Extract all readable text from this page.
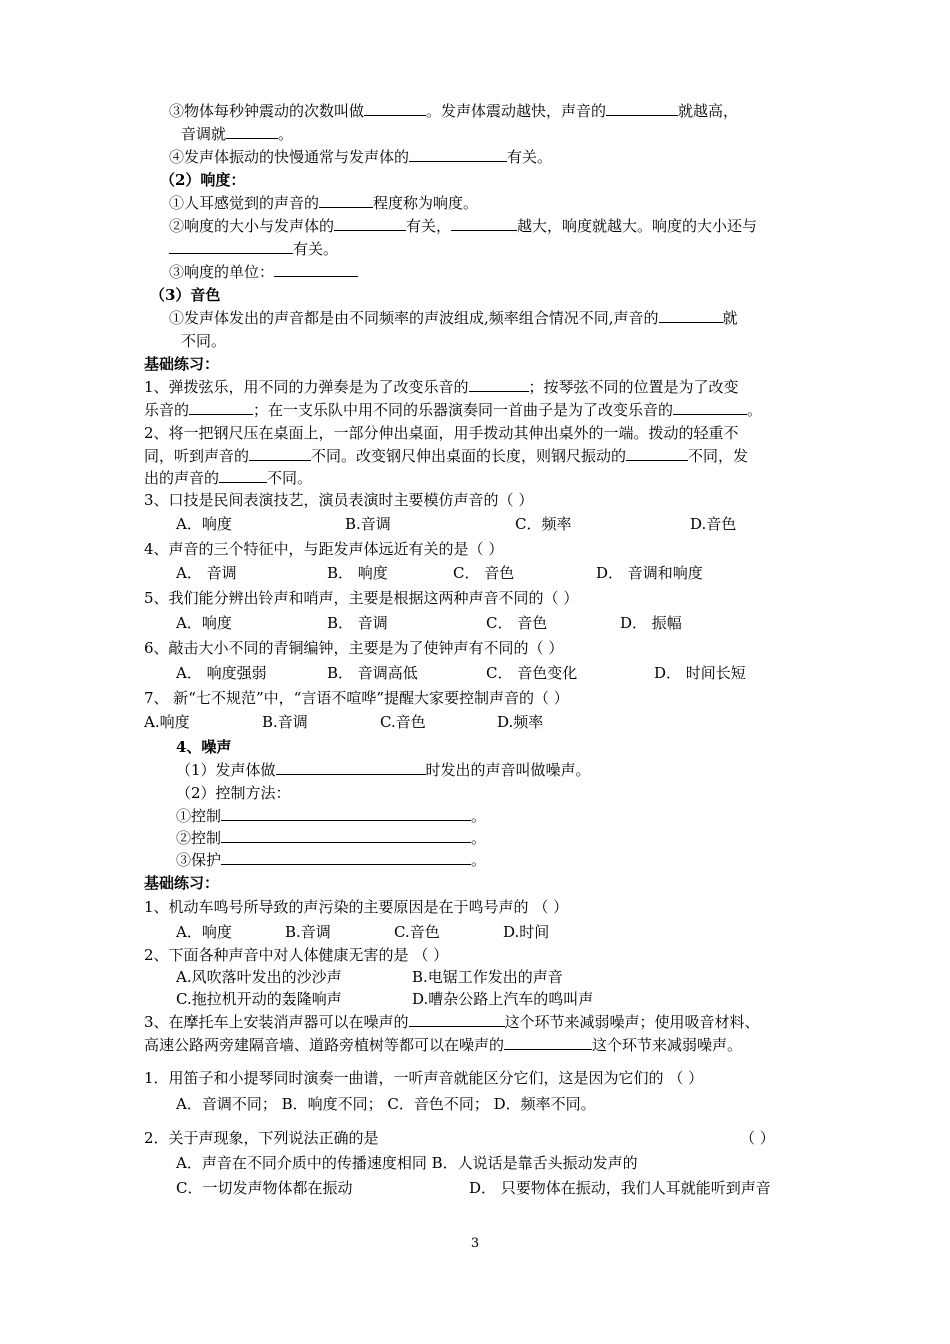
③物体每秒钟震动的次数叫做	。发声体震动越快，声音的	就越高，
音调就	。
④发声体振动的快慢通常与发声体的	有关。
（2）响度：
①人耳感觉到的声音的	程度称为响度。
②响度的大小与发声体的	有关，	越大，响度就越大。响度的大小还与
有关。
③响度的单位：
（3）音色
①发声体发出的声音都是由不同频率的声波组成,频率组合情况不同,声音的	就
不同。
基础练习：
1、弹拨弦乐，用不同的力弹奏是为了改变乐音的	；按琴弦不同的位置是为了改变
乐音的	；在一支乐队中用不同的乐器演奏同一首曲子是为了改变乐音的	。
2、将一把钢尺压在桌面上，一部分伸出桌面，用手拨动其伸出桌外的一端。拨动的轻重不
同，听到声音的	不同。改变钢尺伸出桌面的长度，则钢尺振动的	不同，发
出的声音的	不同。
3、口技是民间表演技艺，演员表演时主要模仿声音的（ ）
A．响度	B.音调	C．频率	D.音色
4、声音的三个特征中，与距发声体远近有关的是（ ）
A． 音调	B． 响度	C． 音色	D． 音调和响度
5、我们能分辨出铃声和哨声，主要是根据这两种声音不同的（ ）
A．响度	B． 音调	C． 音色	D． 振幅
6、敲击大小不同的青铜编钟，主要是为了使钟声有不同的（ ）
A． 响度强弱	B． 音调高低	C． 音色变化	D． 时间长短
7、 新“七不规范”中，“言语不喧哗”提醒大家要控制声音的（ ）
A.响度	B.音调	C.音色	D.频率
4、噪声
（1）发声体做	时发出的声音叫做噪声。
（2）控制方法：
①控制	。
②控制	。
③保护	。
基础练习：
1、机动车鸣号所导致的声污染的主要原因是在于鸣号声的 （ ）
A．响度	B.音调	C.音色	D.时间
2、下面各种声音中对人体健康无害的是 （ ）
A.风吹落叶发出的沙沙声	B.电锯工作发出的声音
C.拖拉机开动的轰隆响声	D.嘈杂公路上汽车的鸣叫声
3、在摩托车上安装消声器可以在噪声的	这个环节来减弱噪声；使用吸音材料、
高速公路两旁建隔音墙、道路旁植树等都可以在噪声的	这个环节来减弱噪声。
1．用笛子和小提琴同时演奏一曲谱，一听声音就能区分它们，这是因为它们的 （ ）
A．音调不同； B．响度不同； C．音色不同； D．频率不同。
2．关于声现象，下列说法正确的是	（ ）
A．声音在不同介质中的传播速度相同 B．人说话是靠舌头振动发声的
C．一切发声物体都在振动	D． 只要物体在振动，我们人耳就能听到声音
3
